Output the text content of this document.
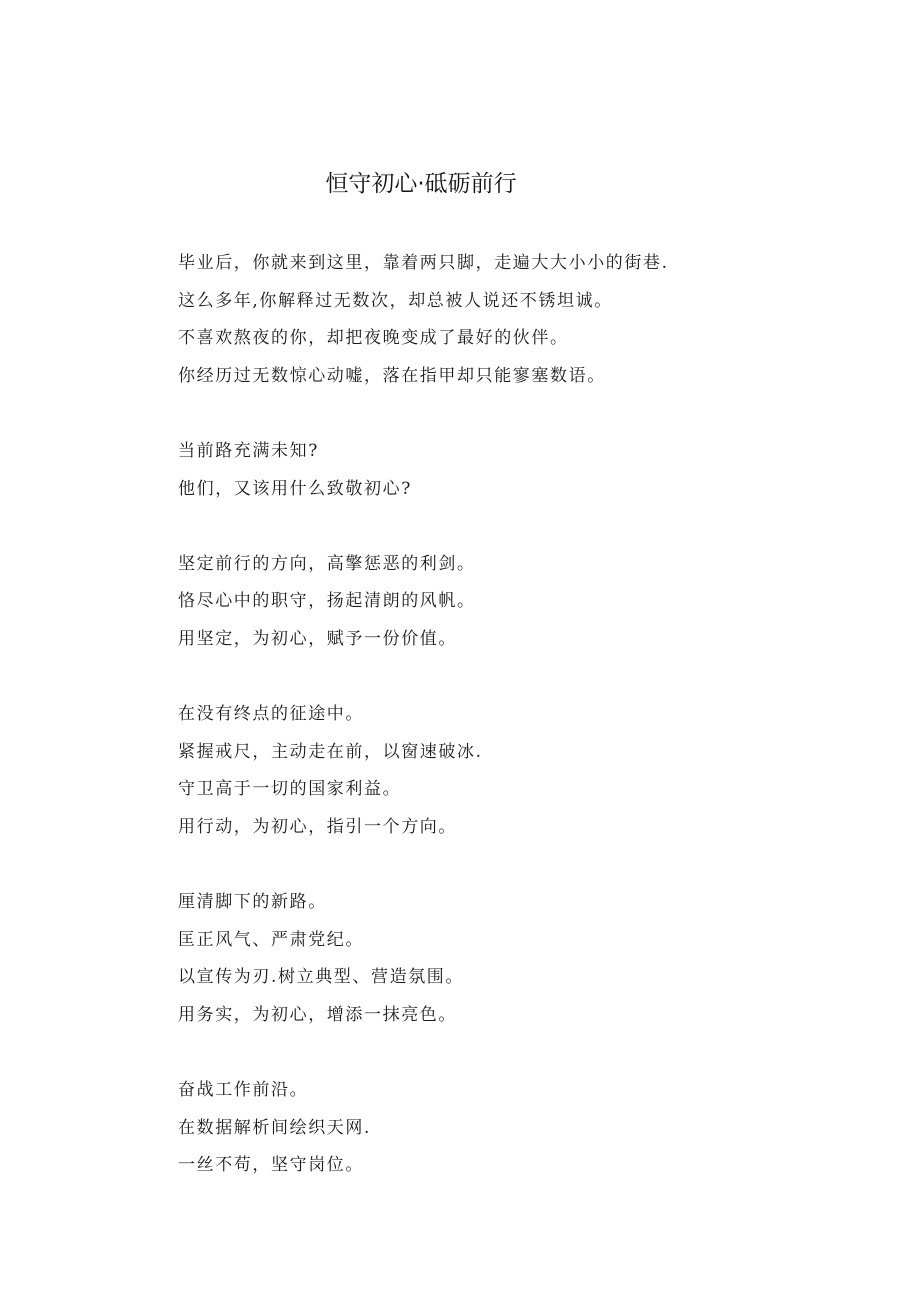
恒守初心·砥砺前行
毕业后，你就来到这里，靠着两只脚，走遍大大小小的街巷.
这么多年,你解释过无数次，却总被人说还不锈坦诚。
不喜欢熬夜的你，却把夜晚变成了最好的伙伴。
你经历过无数惊心动嘘，落在指甲却只能寥塞数语。
当前路充满未知?
他们，又该用什么致敬初心?
坚定前行的方向，高擎惩恶的利剑。
恪尽心中的职守，扬起清朗的风帆。
用坚定，为初心，赋予一份价值。
在没有终点的征途中。
紧握戒尺，主动走在前，以窗速破冰.
守卫高于一切的国家利益。
用行动，为初心，指引一个方向。
厘清脚下的新路。
匡正风气、严肃党纪。
以宣传为刃.树立典型、营造氛围。
用务实，为初心，增添一抹亮色。
奋战工作前沿。
在数据解析间绘织天网.
一丝不苟，坚守岗位。
